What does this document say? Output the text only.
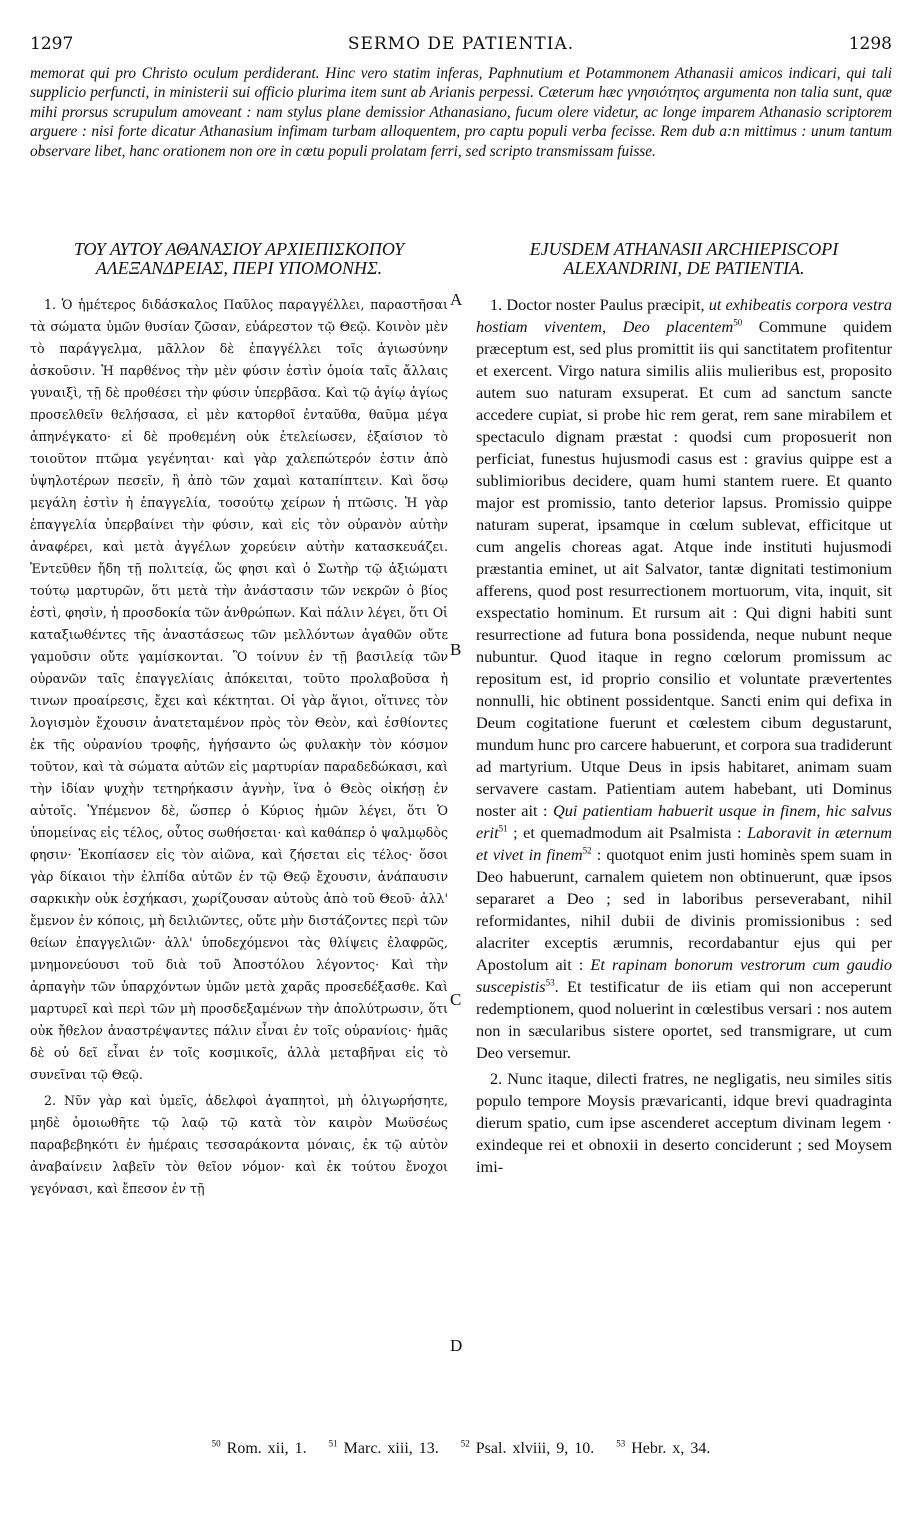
1297	SERMO DE PATIENTIA.	1298
memorat qui pro Christo oculum perdiderant. Hinc vero statim inferas, Paphnutium et Potammonem Athanasii amicos indicari, qui tali supplicio perfuncti, in ministerii sui officio plurima item sunt ab Arianis perpessi. Cæterum hæc γνησιότητος argumenta non talia sunt, quæ mihi prorsus scrupulum amoveant : nam stylus plane demissior Athanasiano, fucum olere videtur, ac longe imparem Athanasio scriptorem arguere : nisi forte dicatur Athanasium infimam turbam alloquentem, pro captu populi verba fecisse. Rem dub a:n mittimus : unum tantum observare libet, hanc orationem non ore in cœtu populi prolatam ferri, sed scripto transmissam fuisse.
ΤΟΥ ΑΥΤΟΥ ΑΘΑΝΑΣΙΟΥ ΑΡΧΙΕΠΙΣΚΟΠΟΥ
ΑΛΕΞΑΝΔΡΕΙΑΣ, ΠΕΡΙ ΥΠΟΜΟΝΗΣ.

1. Ὁ ἡμέτερος διδάσκαλος Παῦλος παραγγέλλει, παραστῆσαι τὰ σώματα ὑμῶν θυσίαν ζῶσαν, εὐάρεστον τῷ Θεῷ. Κοινὸν μὲν τὸ παράγγελμα, μᾶλλον δὲ ἐπαγγέλλει τοῖς ἁγιωσύνην ἀσκοῦσιν. Ἡ παρθένος τὴν μὲν φύσιν ἐστὶν ὁμοία ταῖς ἄλλαις γυναιξὶ, τῇ δὲ προθέσει τὴν φύσιν ὑπερβᾶσα. Καὶ τῷ ἁγίῳ ἁγίως προσελθεῖν θελήσασα, εἰ μὲν κατορθοῖ ἐνταῦθα, θαῦμα μέγα ἀπηνέγκατο· εἰ δὲ προθεμένη οὐκ ἐτελείωσεν, ἐξαίσιον τὸ τοιοῦτον πτῶμα γεγένηται· καὶ γὰρ χαλεπώτερόν ἐστιν ἀπὸ ὑψηλοτέρων πεσεῖν, ἢ ἀπὸ τῶν χαμαὶ καταπίπτειν. Καὶ ὅσῳ μεγάλη ἐστὶν ἡ ἐπαγγελία, τοσούτῳ χείρων ἡ πτῶσις. Ἡ γὰρ ἐπαγγελία ὑπερβαίνει τὴν φύσιν, καὶ εἰς τὸν οὐρανὸν αὐτὴν ἀναφέρει, καὶ μετὰ ἀγγέλων χορεύειν αὐτὴν κατασκευάζει. Ἐντεῦθεν ἤδη τῇ πολιτείᾳ, ὥς φησι καὶ ὁ Σωτὴρ τῷ ἀξιώματι τούτῳ μαρτυρῶν, ὅτι μετὰ τὴν ἀνάστασιν τῶν νεκρῶν ὁ βίος ἐστὶ, φησὶν, ἡ προσδοκία τῶν ἀνθρώπων. Καὶ πάλιν λέγει, ὅτι Οἱ καταξιωθέντες τῆς ἀναστάσεως τῶν μελλόντων ἀγαθῶν οὔτε γαμοῦσιν οὔτε γαμίσκονται. Ὃ τοίνυν ἐν τῇ βασιλείᾳ τῶν οὐρανῶν ταῖς ἐπαγγελίαις ἀπόκειται, τοῦτο προλαβοῦσα ἡ τινων προαίρεσις, ἔχει καὶ κέκτηται. Οἱ γὰρ ἅγιοι, οἵτινες τὸν λογισμὸν ἔχουσιν ἀνατεταμένον πρὸς τὸν Θεὸν, καὶ ἐσθίοντες ἐκ τῆς οὐρανίου τροφῆς, ἡγήσαντο ὡς φυλακὴν τὸν κόσμον τοῦτον, καὶ τὰ σώματα αὐτῶν εἰς μαρτυρίαν παραδεδώκασι, καὶ τὴν ἰδίαν ψυχὴν τετηρήκασιν ἁγνὴν, ἵνα ὁ Θεὸς οἰκήσῃ ἐν αὐτοῖς. Ὑπέμενον δὲ, ὥσπερ ὁ Κύριος ἡμῶν λέγει, ὅτι Ὁ ὑπομείνας εἰς τέλος, οὗτος σωθήσεται· καὶ καθάπερ ὁ ψαλμῳδὸς φησιν· Ἐκοπίασεν εἰς τὸν αἰῶνα, καὶ ζήσεται εἰς τέλος· ὅσοι γὰρ δίκαιοι τὴν ἐλπίδα αὐτῶν ἐν τῷ Θεῷ ἔχουσιν, ἀνάπαυσιν σαρκικὴν οὐκ ἐσχήκασι, χωρίζουσαν αὐτοὺς ἀπὸ τοῦ Θεοῦ· ἀλλ' ἔμενον ἐν κόποις, μὴ δειλιῶντες, οὔτε μὴν διστάζοντες περὶ τῶν θείων ἐπαγγελιῶν· ἀλλ' ὑποδεχόμενοι τὰς θλίψεις ἐλαφρῶς, μνημονεύουσι τοῦ διὰ τοῦ Ἀποστόλου λέγοντος· Καὶ τὴν ἁρπαγὴν τῶν ὑπαρχόντων ὑμῶν μετὰ χαρᾶς προσεδέξασθε. Καὶ μαρτυρεῖ καὶ περὶ τῶν μὴ προσδεξαμένων τὴν ἀπολύτρωσιν, ὅτι οὐκ ἤθελον ἀναστρέψαντες πάλιν εἶναι ἐν τοῖς οὐρανίοις· ἡμᾶς δὲ οὐ δεῖ εἶναι ἐν τοῖς κοσμικοῖς, ἀλλὰ μεταβῆναι εἰς τὸ συνεῖναι τῷ Θεῷ.

2. Νῦν γὰρ καὶ ὑμεῖς, ἀδελφοὶ ἀγαπητοὶ, μὴ ὀλιγωρήσητε, μηδὲ ὁμοιωθῆτε τῷ λαῷ τῷ κατὰ τὸν καιρὸν Μωϋσέως παραβεβηκότι ἐν ἡμέραις τεσσαράκοντα μόναις, ἐκ τῷ αὐτὸν ἀναβαίνειν λαβεῖν τὸν θεῖον νόμον· καὶ ἐκ τούτου ἔνοχοι γεγόνασι, καὶ ἔπεσον ἐν τῇ

A
B
C
D
EJUSDEM ATHANASII ARCHIEPISCOPI
ALEXANDRINI, DE PATIENTIA.

1. Doctor noster Paulus præcipit, ut exhibeatis corpora vestra hostiam viventem, Deo placentem$^{50}$ Commune quidem præceptum est, sed plus promittit iis qui sanctitatem profitentur et exercent. Virgo natura similis aliis mulieribus est, proposito autem suo naturam exsuperat. Et cum ad sanctum sancte accedere cupiat, si probe hic rem gerat, rem sane mirabilem et spectaculo dignam præstat : quodsi cum proposuerit non perficiat, funestus hujusmodi casus est : gravius quippe est a sublimioribus decidere, quam humi stantem ruere. Et quanto major est promissio, tanto deterior lapsus. Promissio quippe naturam superat, ipsamque in cœlum sublevat, efficitque ut cum angelis choreas agat. Atque inde instituti hujusmodi præstantia eminet, ut ait Salvator, tantæ dignitati testimonium afferens, quod post resurrectionem mortuorum, vita, inquit, sit exspectatio hominum. Et rursum ait : Qui digni habiti sunt resurrectione ad futura bona possidenda, neque nubunt neque nubuntur. Quod itaque in regno cœlorum promissum ac repositum est, id proprio consilio et voluntate prævertentes nonnulli, hic obtinent possidentque. Sancti enim qui defixa in Deum cogitatione fuerunt et cœlestem cibum degustarunt, mundum hunc pro carcere habuerunt, et corpora sua tradiderunt ad martyrium. Utque Deus in ipsis habitaret, animam suam servavere castam. Patientiam autem habebant, uti Dominus noster ait : Qui patientiam habuerit usque in finem, hic salvus erit$^{51}$ ; et quemadmodum ait Psalmista : Laboravit in æternum et vivet in finem$^{52}$ : quotquot enim justi hominès spem suam in Deo habuerunt, carnalem quietem non obtinuerunt, quæ ipsos separaret a Deo ; sed in laboribus perseverabant, nihil reformidantes, nihil dubii de divinis promissionibus : sed alacriter exceptis ærumnis, recordabantur ejus qui per Apostolum ait : Et rapinam bonorum vestrorum cum gaudio suscepistis$^{53}$. Et testificatur de iis etiam qui non acceperunt redemptionem, quod noluerint in cœlestibus versari : nos autem non in sæcularibus sistere oportet, sed transmigrare, ut cum Deo versemur.

2. Nunc itaque, dilecti fratres, ne negligatis, neu similes sitis populo tempore Moysis prævaricanti, idque brevi quadraginta dierum spatio, cum ipse ascenderet acceptum divinam legem · exindeque rei et obnoxii in deserto conciderunt ; sed Moysem imi-

$^{50}$ Rom. xii, 1. $^{51}$ Marc. xiii, 13. $^{52}$ Psal. xlviii, 9, 10. $^{53}$ Hebr. x, 34.
